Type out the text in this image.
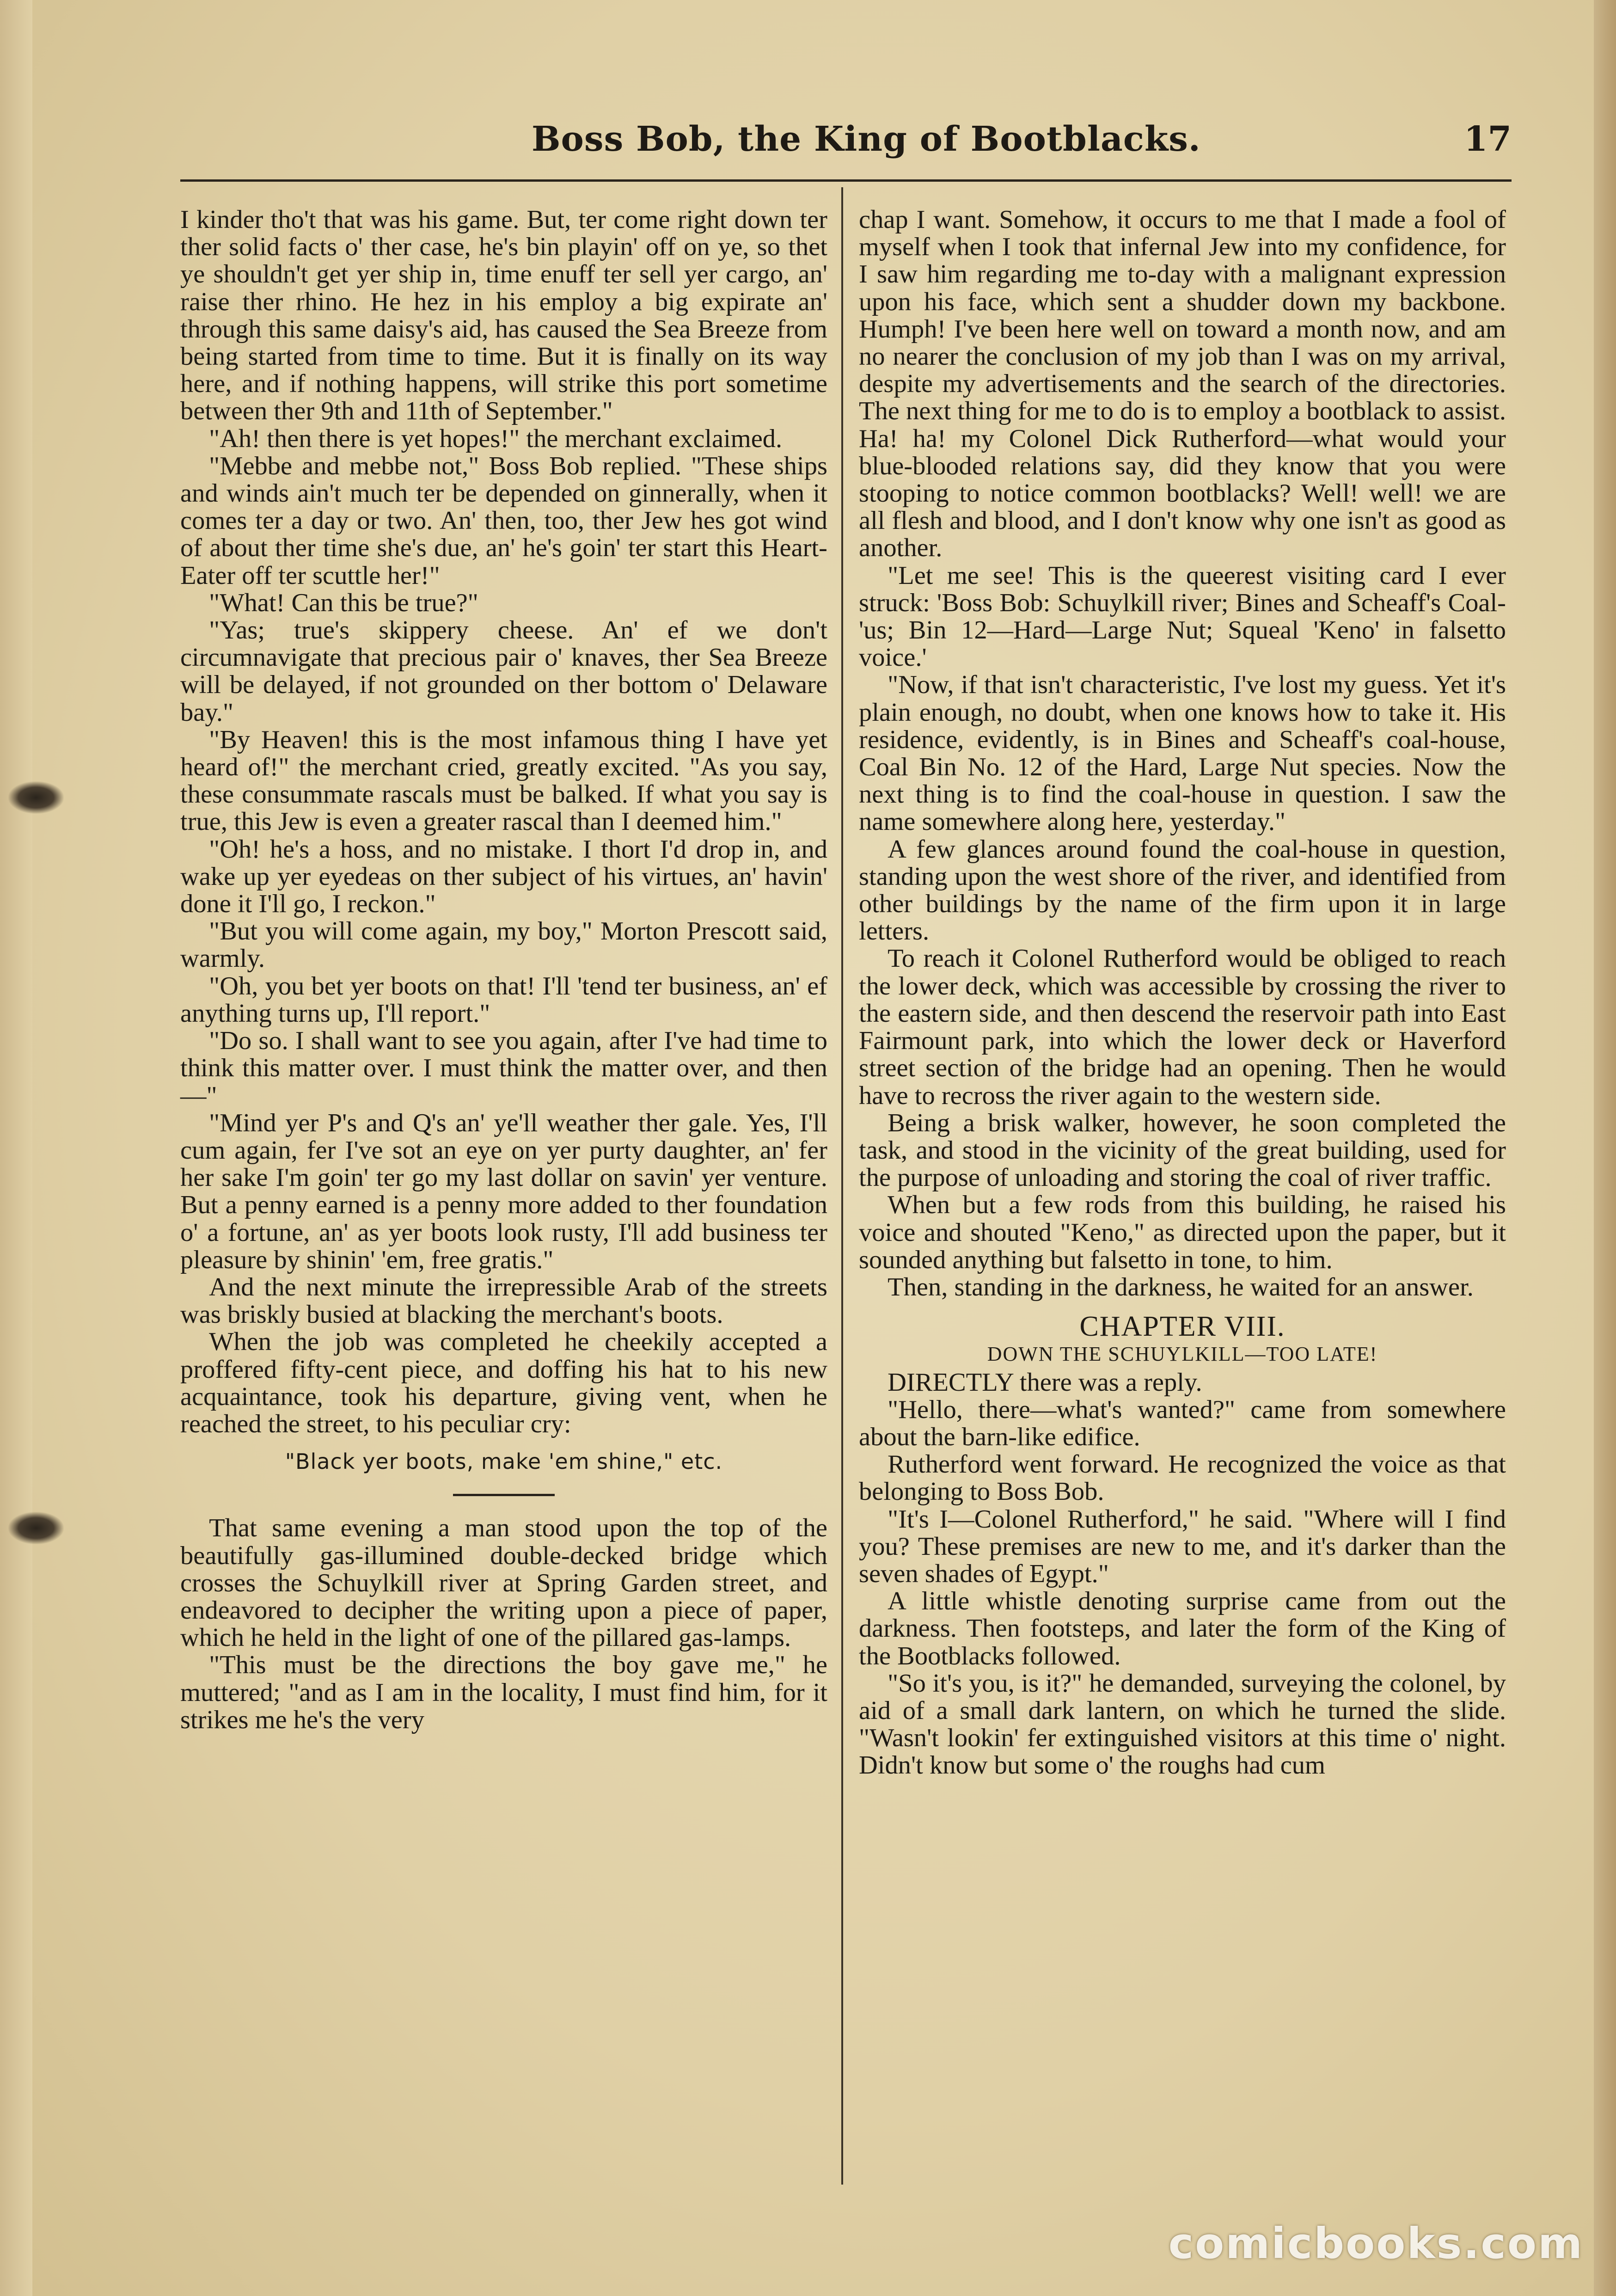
Boss Bob, the King of Bootblacks.	17

I kinder tho't that was his game. But, ter come right down ter ther solid facts o' ther case, he's bin playin' off on ye, so thet ye shouldn't get yer ship in, time enuff ter sell yer cargo, an' raise ther rhino. He hez in his employ a big expirate an' through this same daisy's aid, has caused the Sea Breeze from being started from time to time. But it is finally on its way here, and if nothing happens, will strike this port sometime between ther 9th and 11th of September."

"Ah! then there is yet hopes!" the merchant exclaimed.

"Mebbe and mebbe not," Boss Bob replied. "These ships and winds ain't much ter be depended on ginnerally, when it comes ter a day or two. An' then, too, ther Jew hes got wind of about ther time she's due, an' he's goin' ter start this Heart-Eater off ter scuttle her!"

"What! Can this be true?"

"Yas; true's skippery cheese. An' ef we don't circumnavigate that precious pair o' knaves, ther Sea Breeze will be delayed, if not grounded on ther bottom o' Delaware bay."

"By Heaven! this is the most infamous thing I have yet heard of!" the merchant cried, greatly excited. "As you say, these consummate rascals must be balked. If what you say is true, this Jew is even a greater rascal than I deemed him."

"Oh! he's a hoss, and no mistake. I thort I'd drop in, and wake up yer eyedeas on ther subject of his virtues, an' havin' done it I'll go, I reckon."

"But you will come again, my boy," Morton Prescott said, warmly.

"Oh, you bet yer boots on that! I'll 'tend ter business, an' ef anything turns up, I'll report."

"Do so. I shall want to see you again, after I've had time to think this matter over. I must think the matter over, and then—"

"Mind yer P's and Q's an' ye'll weather ther gale. Yes, I'll cum again, fer I've sot an eye on yer purty daughter, an' fer her sake I'm goin' ter go my last dollar on savin' yer venture. But a penny earned is a penny more added to ther foundation o' a fortune, an' as yer boots look rusty, I'll add business ter pleasure by shinin' 'em, free gratis."

And the next minute the irrepressible Arab of the streets was briskly busied at blacking the merchant's boots.

When the job was completed he cheekily accepted a proffered fifty-cent piece, and doffing his hat to his new acquaintance, took his departure, giving vent, when he reached the street, to his peculiar cry:

"Black yer boots, make 'em shine," etc.

That same evening a man stood upon the top of the beautifully gas-illumined double-decked bridge which crosses the Schuylkill river at Spring Garden street, and endeavored to decipher the writing upon a piece of paper, which he held in the light of one of the pillared gas-lamps.

"This must be the directions the boy gave me," he muttered; "and as I am in the locality, I must find him, for it strikes me he's the very

chap I want. Somehow, it occurs to me that I made a fool of myself when I took that infernal Jew into my confidence, for I saw him regarding me to-day with a malignant expression upon his face, which sent a shudder down my backbone. Humph! I've been here well on toward a month now, and am no nearer the conclusion of my job than I was on my arrival, despite my advertisements and the search of the directories. The next thing for me to do is to employ a bootblack to assist. Ha! ha! my Colonel Dick Rutherford—what would your blue-blooded relations say, did they know that you were stooping to notice common bootblacks? Well! well! we are all flesh and blood, and I don't know why one isn't as good as another.

"Let me see! This is the queerest visiting card I ever struck: 'Boss Bob: Schuylkill river; Bines and Scheaff's Coal-'us; Bin 12—Hard—Large Nut; Squeal 'Keno' in falsetto voice.'

"Now, if that isn't characteristic, I've lost my guess. Yet it's plain enough, no doubt, when one knows how to take it. His residence, evidently, is in Bines and Scheaff's coal-house, Coal Bin No. 12 of the Hard, Large Nut species. Now the next thing is to find the coal-house in question. I saw the name somewhere along here, yesterday."

A few glances around found the coal-house in question, standing upon the west shore of the river, and identified from other buildings by the name of the firm upon it in large letters.

To reach it Colonel Rutherford would be obliged to reach the lower deck, which was accessible by crossing the river to the eastern side, and then descend the reservoir path into East Fairmount park, into which the lower deck or Haverford street section of the bridge had an opening. Then he would have to recross the river again to the western side.

Being a brisk walker, however, he soon completed the task, and stood in the vicinity of the great building, used for the purpose of unloading and storing the coal of river traffic.

When but a few rods from this building, he raised his voice and shouted "Keno," as directed upon the paper, but it sounded anything but falsetto in tone, to him.

Then, standing in the darkness, he waited for an answer.

CHAPTER VIII.
DOWN THE SCHUYLKILL—TOO LATE!

DIRECTLY there was a reply.

"Hello, there—what's wanted?" came from somewhere about the barn-like edifice.

Rutherford went forward. He recognized the voice as that belonging to Boss Bob.

"It's I—Colonel Rutherford," he said. "Where will I find you? These premises are new to me, and it's darker than the seven shades of Egypt."

A little whistle denoting surprise came from out the darkness. Then footsteps, and later the form of the King of the Bootblacks followed.

"So it's you, is it?" he demanded, surveying the colonel, by aid of a small dark lantern, on which he turned the slide. "Wasn't lookin' fer extinguished visitors at this time o' night. Didn't know but some o' the roughs had cum

comicbooks.com
